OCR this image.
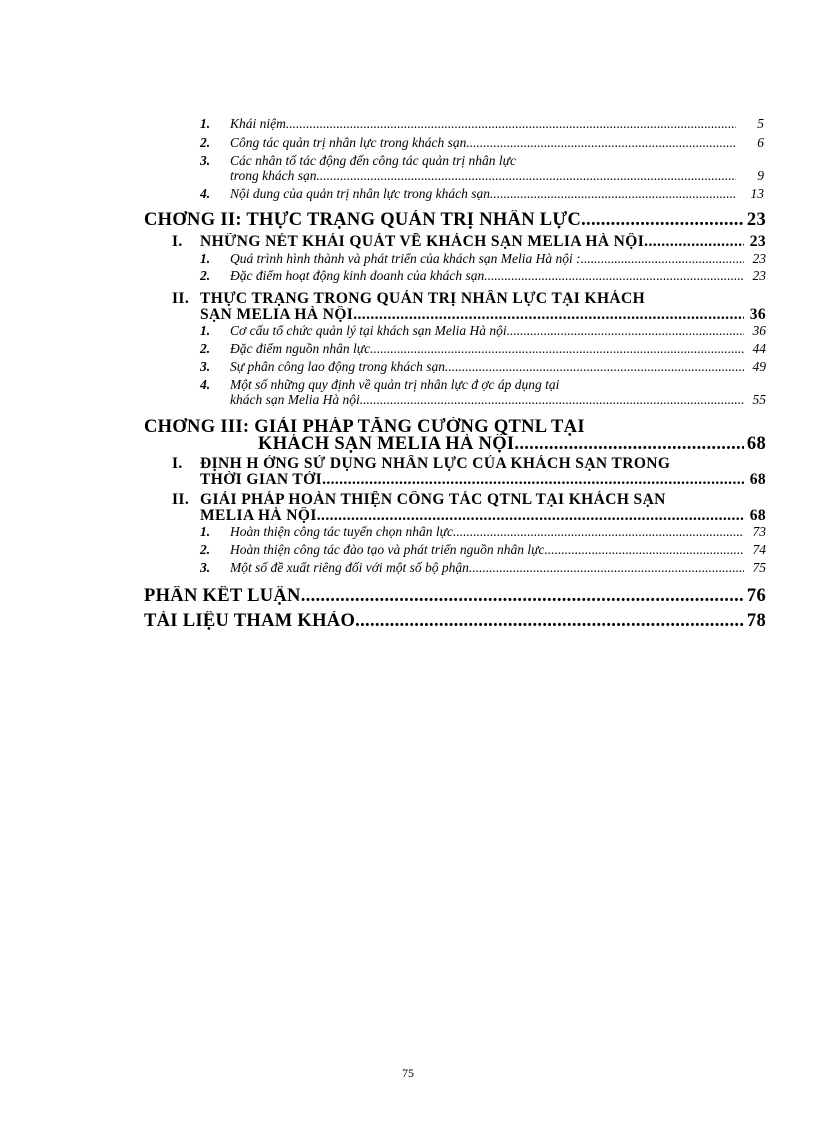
1. Khái niệm .....	5
2. Công tác quản trị nhân lực trong khách sạn. .....	6
3. Các nhân tố tác động đến công tác quản trị nhân lực
trong khách sạn .....	9
4. Nội dung của quản trị nhân lực trong khách sạn .....	13
CHƠNG II: THỰC TRẠNG QUẢN TRỊ NHÂN LỰC .....	23
I. NHỮNG NÉT KHÁI QUÁT VỀ KHÁCH SẠN MELIA HÀ NỘI .....	23
1. Quá trình hình thành và phát triển của khách sạn Melia Hà nội : .....	23
2. Đặc điểm hoạt động kinh doanh của khách sạn .....	23
II. THỰC TRẠNG TRONG QUẢN TRỊ NHÂN LỰC TẠI KHÁCH
SẠN MELIA HÀ NỘI .....	36
1. Cơ cấu tổ chức quản lý tại khách sạn Melia Hà nội .....	36
2. Đặc điểm nguồn nhân lực .....	44
3. Sự phân công lao động trong khách sạn. .....	49
4. Một số những quy định về quản trị nhân lực đ ợc áp dụng tại
khách sạn Melia Hà nội. .....	55
CHƠNG III: GIẢI PHÁP TĂNG CƯỜNG QTNL TẠI
KHÁCH SẠN MELIA HÀ NỘI .....	68
I. ĐỊNH H ỚNG SỬ DỤNG NHÂN LỰC CỦA KHÁCH SẠN TRONG
THỜI GIAN TỚI .....	68
II. GIẢI PHÁP HOÀN THIỆN CÔNG TÁC QTNL TẠI KHÁCH SẠN
MELIA HÀ NỘI .....	68
1. Hoàn thiện công tác tuyển chọn nhân lực .....	73
2. Hoàn thiện công tác đào tạo và phát triển nguồn nhân lực .....	74
3. Một số đề xuất riêng đối với một số bộ phận .....	75
PHẦN KẾT LUẬN .....	76
TÀI LIỆU THAM KHẢO .....	78
75
